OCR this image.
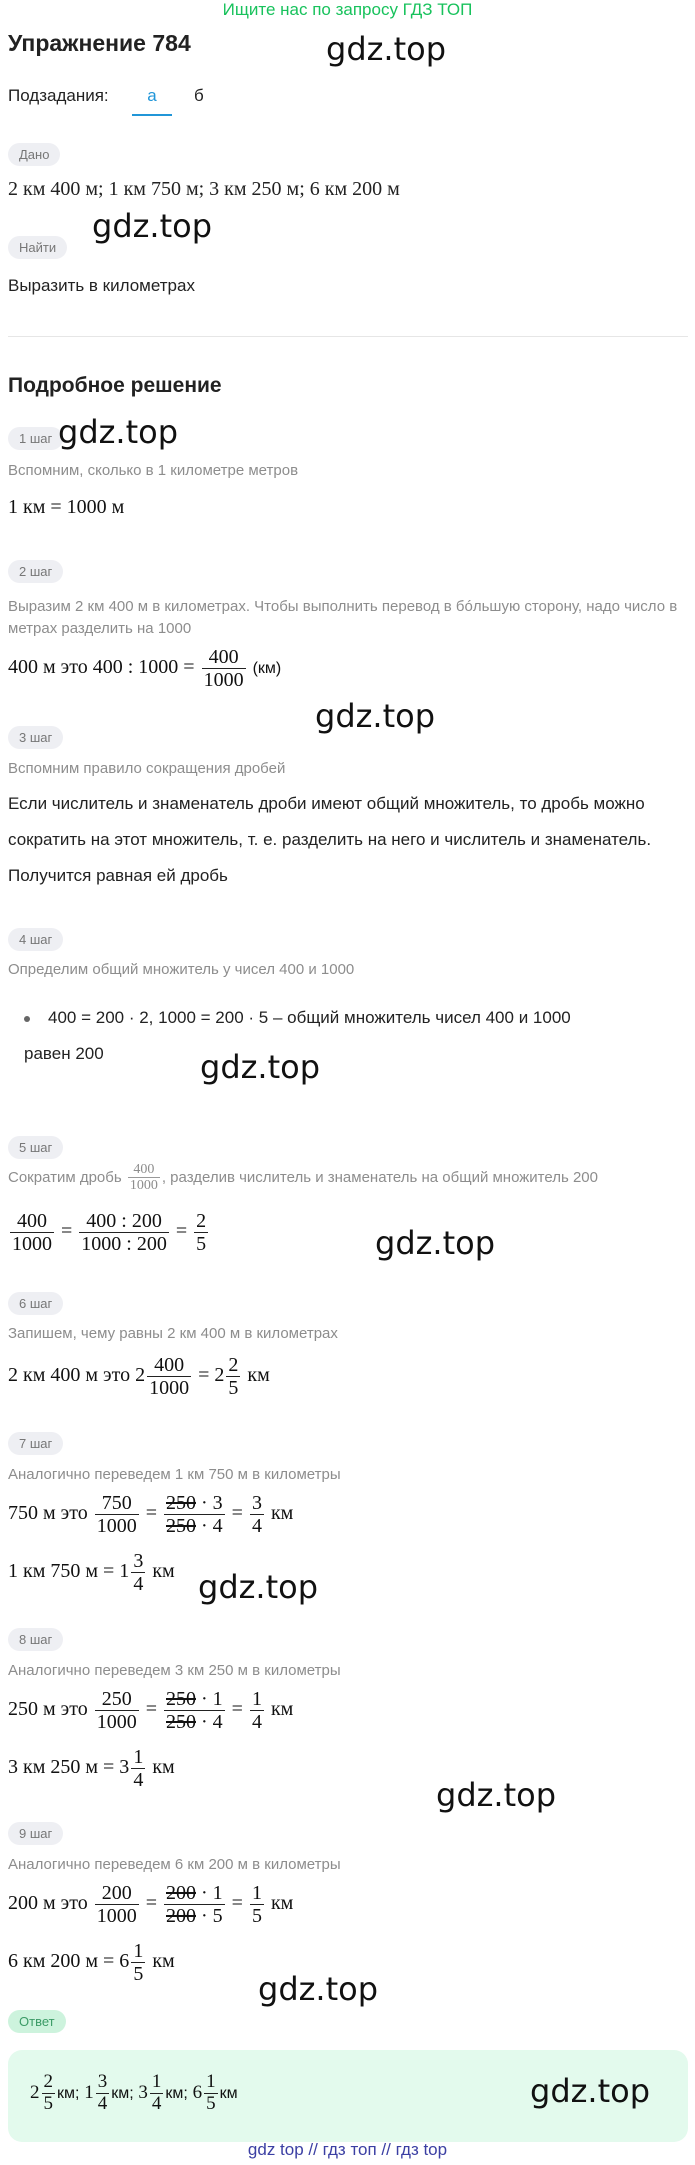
Ищите нас по запросу ГДЗ ТОП
Упражнение 784	gdz.top
Подзадания:	а	б
Дано
2 км 400 м; 1 км 750 м; 3 км 250 м; 6 км 200 м
gdz.top
Найти
Выразить в километрах
Подробное решение
1 шаг gdz.top
Вспомним, сколько в 1 километре метров
1 км = 1000 м
2 шаг
Выразим 2 км 400 м в километрах. Чтобы выполнить перевод в бóльшую сторону, надо число в метрах разделить на 1000
400 м это 400 : $1000 = \frac{400}{1000} (км)$
gdz.top
3 шаг
Вспомним правило сокращения дробей
Если числитель и знаменатель дроби имеют общий множитель, то дробь можно сократить на этот множитель, т. е. разделить на него и числитель и знаменатель. Получится равная ей дробь
4 шаг
Определим общий множитель у чисел 400 и 1000
400 = 200 · 2, 1000 = 200 · 5 – общий множитель чисел 400 и 1000
равен 200	gdz.top
5 шаг
Сократим дробь $\frac{400}{1000}$ , разделив числитель и знаменатель на общий множитель 200
$\frac{400}{1000} = \frac{400 : 200}{1000 : 200} = \frac{2}{5}$	gdz.top
6 шаг
Запишем, чему равны 2 км 400 м в километрах
2 км 400 м это $2 \frac{400}{1000} = 2 \frac{2}{5}$ км
7 шаг
Аналогично переведем 1 км 750 м в километры
750 м это $\frac{750}{1000} = \frac{250 \cdot 3}{250 \cdot 4} = \frac{3}{4}$ км
1 км 750 $м = 1 \frac{3}{4}$ км gdz.top
8 шаг
Аналогично переведем 3 км 250 м в километры
250 м это $\frac{250}{1000} = \frac{250 \cdot 1}{250 \cdot 4} = \frac{1}{4}$ км
3 км 250 $м = 3 \frac{1}{4}$ км
gdz.top
9 шаг
Аналогично переведем 6 км 200 м в километры
200 м это $\frac{200}{1000} = \frac{200 \cdot 1}{200 \cdot 5} = \frac{1}{5}$ км
6 км 200 $м = 6 \frac{1}{5}$ км
gdz.top
Ответ
$2 \frac{2}{5}$ км; $1 \frac{3}{4}$ км; $3 \frac{1}{4}$ км; $6 \frac{1}{5}$ км	gdz.top
gdz top // гдз топ // гдз top
